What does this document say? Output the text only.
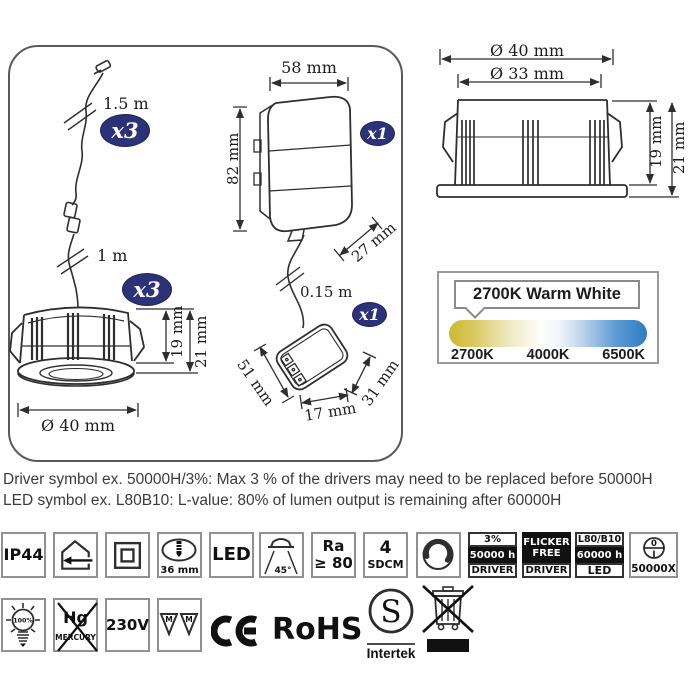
1.5 m
x3
1 m
x3
19 mm 21 mm
Ø 40 mm
58 mm
82 mm	x1
27 mm
0.15 m
x1
51 mm
17 mm
31 mm
Ø 40 mm
Ø 33 mm
19 mm 21 mm
2700K Warm White
2700K 4000K 6500K
Driver symbol ex. 50000H/3%: Max 3 % of the drivers may need to be replaced before 50000H
LED symbol ex. L80B10: L-value: 80% of lumen output is remaining after 60000H
IP44
36 mm
LED
45°
Ra
≥ 80
4
SDCM
3%
50000 h
DRIVER
FLICKER
FREE
DRIVER
L80/B10
60000 h
LED
0
I
50000X
100% Hg
MERCURY
230V M M	RoHS S
Intertek
